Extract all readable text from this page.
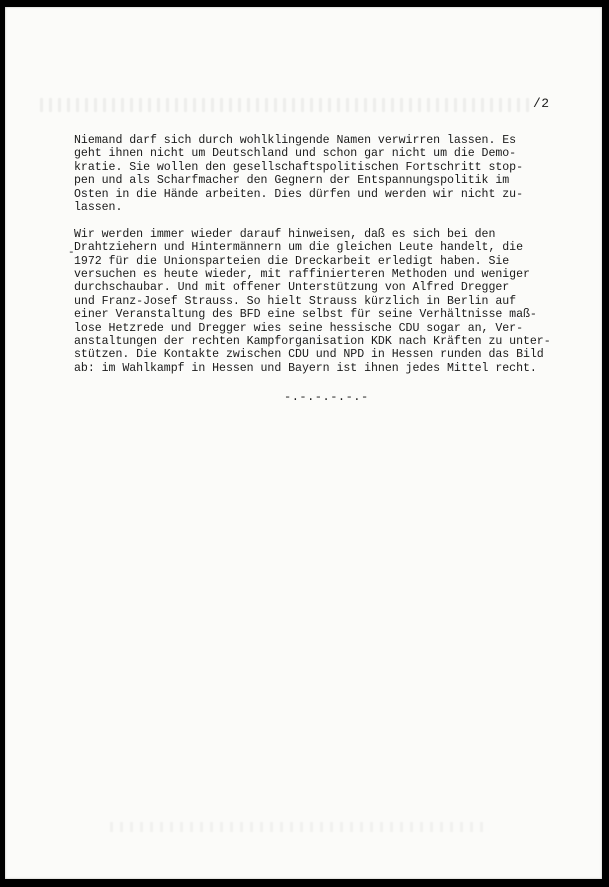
/2
-
Niemand darf sich durch wohlklingende Namen verwirren lassen. Es
geht ihnen nicht um Deutschland und schon gar nicht um die Demo-
kratie. Sie wollen den gesellschaftspolitischen Fortschritt stop-
pen und als Scharfmacher den Gegnern der Entspannungspolitik im
Osten in die Hände arbeiten. Dies dürfen und werden wir nicht zu-
lassen.
Wir werden immer wieder darauf hinweisen, daß es sich bei den
Drahtziehern und Hintermännern um die gleichen Leute handelt, die
1972 für die Unionsparteien die Dreckarbeit erledigt haben. Sie
versuchen es heute wieder, mit raffinierteren Methoden und weniger
durchschaubar. Und mit offener Unterstützung von Alfred Dregger
und Franz-Josef Strauss. So hielt Strauss kürzlich in Berlin auf
einer Veranstaltung des BFD eine selbst für seine Verhältnisse maß-
lose Hetzrede und Dregger wies seine hessische CDU sogar an, Ver-
anstaltungen der rechten Kampforganisation KDK nach Kräften zu unter-
stützen. Die Kontakte zwischen CDU und NPD in Hessen runden das Bild
ab: im Wahlkampf in Hessen und Bayern ist ihnen jedes Mittel recht.
-.-.-.-.-.-
